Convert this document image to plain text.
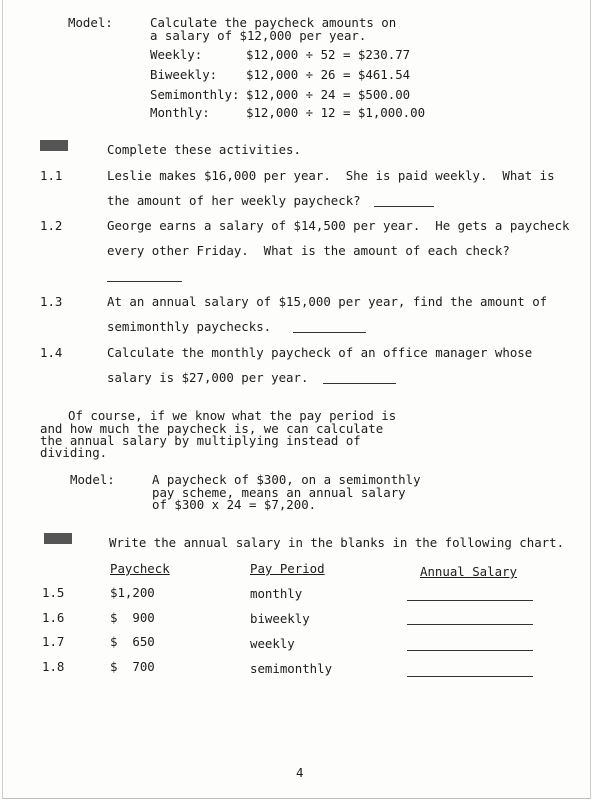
Model:	Calculate the paycheck amounts on
a salary of $12,000 per year.
Weekly:	$12,000 ÷ 52 = $230.77
Biweekly: $12,000 ÷ 26 = $461.54
Semimonthly: $12,000 ÷ 24 = $500.00
Monthly:	$12,000 ÷ 12 = $1,000.00
Complete these activities.
1.1	Leslie makes $16,000 per year.  She is paid weekly.  What is
the amount of her weekly paycheck?
1.2	George earns a salary of $14,500 per year.  He gets a paycheck
every other Friday.  What is the amount of each check?
1.3	At an annual salary of $15,000 per year, find the amount of
semimonthly paychecks.
1.4	Calculate the monthly paycheck of an office manager whose
salary is $27,000 per year.
Of course, if we know what the pay period is
and how much the paycheck is, we can calculate
the annual salary by multiplying instead of
dividing.
Model:	A paycheck of $300, on a semimonthly
pay scheme, means an annual salary
of $300 x 24 = $7,200.
Write the annual salary in the blanks in the following chart.
Paycheck	Pay Period	Annual Salary
1.5	$1,200	monthly
1.6	$  900	biweekly
1.7	$  650	weekly
1.8	$  700	semimonthly
4
